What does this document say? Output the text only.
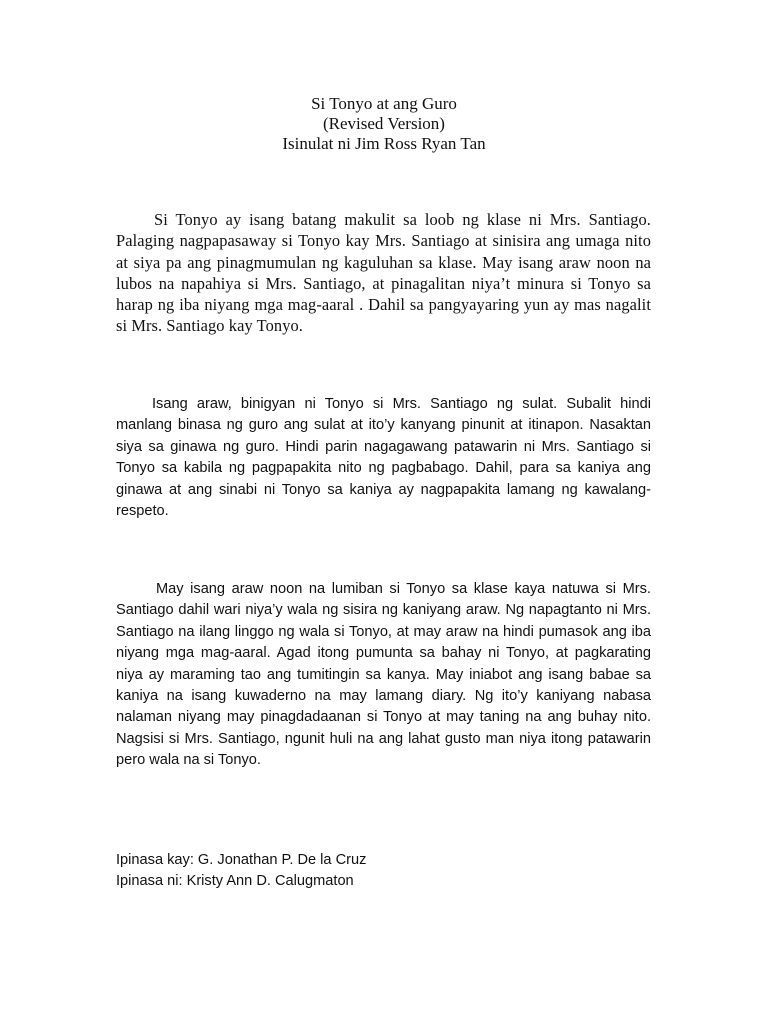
Si Tonyo at ang Guro
(Revised Version)
Isinulat ni Jim Ross Ryan Tan

Si Tonyo ay isang batang makulit sa loob ng klase ni Mrs. Santiago. Palaging nagpapasaway si Tonyo kay Mrs. Santiago at sinisira ang umaga nito at siya pa ang pinagmumulan ng kaguluhan sa klase. May isang araw noon na lubos na napahiya si Mrs. Santiago, at pinagalitan niya’t minura si Tonyo sa harap ng iba niyang mga mag-aaral . Dahil sa pangyayaring yun ay mas nagalit si Mrs. Santiago kay Tonyo.

Isang araw, binigyan ni Tonyo si Mrs. Santiago ng sulat. Subalit hindi manlang binasa ng guro ang sulat at ito’y kanyang pinunit at itinapon. Nasaktan siya sa ginawa ng guro. Hindi parin nagagawang patawarin ni Mrs. Santiago si Tonyo sa kabila ng pagpapakita nito ng pagbabago. Dahil, para sa kaniya ang ginawa at ang sinabi ni Tonyo sa kaniya ay nagpapakita lamang ng kawalang-respeto.

May isang araw noon na lumiban si Tonyo sa klase kaya natuwa si Mrs. Santiago dahil wari niya’y wala ng sisira ng kaniyang araw. Ng napagtanto ni Mrs. Santiago na ilang linggo ng wala si Tonyo, at may araw na hindi pumasok ang iba niyang mga mag-aaral. Agad itong pumunta sa bahay ni Tonyo, at pagkarating niya ay maraming tao ang tumitingin sa kanya. May iniabot ang isang babae sa kaniya na isang kuwaderno na may lamang diary. Ng ito’y kaniyang nabasa nalaman niyang may pinagdadaanan si Tonyo at may taning na ang buhay nito. Nagsisi si Mrs. Santiago, ngunit huli na ang lahat gusto man niya itong patawarin pero wala na si Tonyo.

Ipinasa kay: G. Jonathan P. De la Cruz
Ipinasa ni: Kristy Ann D. Calugmaton
